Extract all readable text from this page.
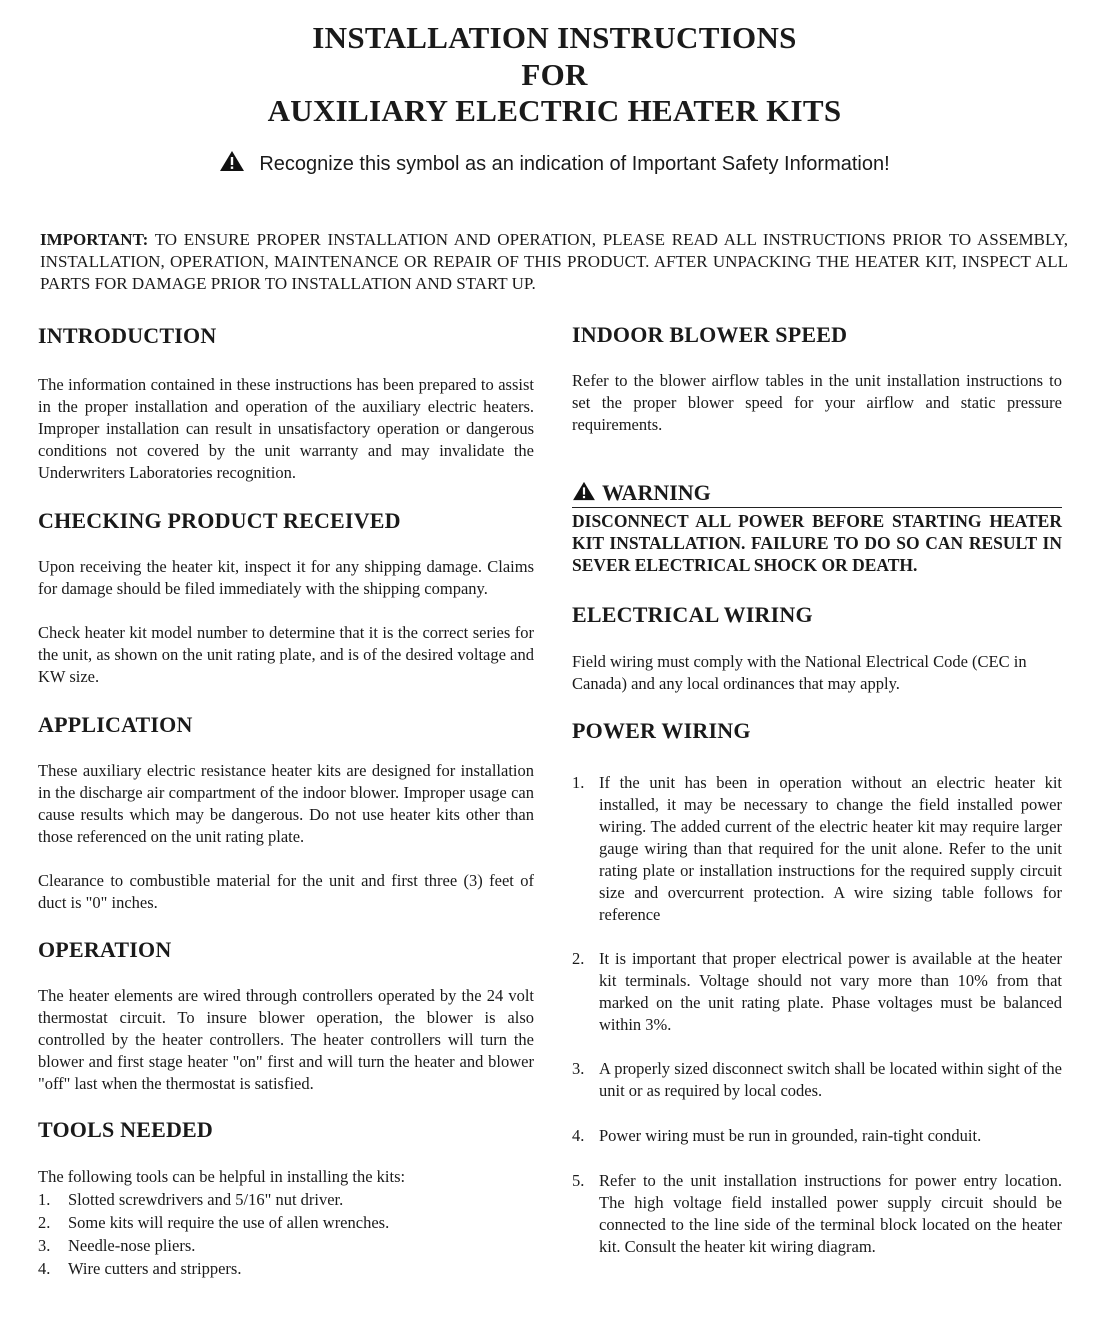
INSTALLATION INSTRUCTIONS
FOR
AUXILIARY ELECTRIC HEATER KITS
Recognize this symbol as an indication of Important Safety Information!
IMPORTANT: TO ENSURE PROPER INSTALLATION AND OPERATION, PLEASE READ ALL INSTRUCTIONS PRIOR TO ASSEMBLY, INSTALLATION, OPERATION, MAINTENANCE OR REPAIR OF THIS PRODUCT. AFTER UNPACKING THE HEATER KIT, INSPECT ALL PARTS FOR DAMAGE PRIOR TO INSTALLATION AND START UP.
INTRODUCTION

The information contained in these instructions has been prepared to assist in the proper installation and operation of the auxiliary electric heaters. Improper installation can result in unsatisfactory operation or dangerous conditions not covered by the unit warranty and may invalidate the Underwriters Laboratories recognition.

CHECKING PRODUCT RECEIVED

Upon receiving the heater kit, inspect it for any shipping damage. Claims for damage should be filed immediately with the shipping company.

Check heater kit model number to determine that it is the correct series for the unit, as shown on the unit rating plate, and is of the desired voltage and KW size.

APPLICATION

These auxiliary electric resistance heater kits are designed for installation in the discharge air compartment of the indoor blower. Improper usage can cause results which may be dangerous. Do not use heater kits other than those referenced on the unit rating plate.

Clearance to combustible material for the unit and first three (3) feet of duct is "0" inches.

OPERATION

The heater elements are wired through controllers operated by the 24 volt thermostat circuit. To insure blower operation, the blower is also controlled by the heater controllers. The heater controllers will turn the blower and first stage heater "on" first and will turn the heater and blower "off" last when the thermostat is satisfied.

TOOLS NEEDED

The following tools can be helpful in installing the kits:

1. Slotted screwdrivers and 5/16" nut driver.
2. Some kits will require the use of allen wrenches.
3. Needle-nose pliers.
4. Wire cutters and strippers.
INDOOR BLOWER SPEED

Refer to the blower airflow tables in the unit installation instructions to set the proper blower speed for your airflow and static pressure requirements.

WARNING
DISCONNECT ALL POWER BEFORE STARTING HEATER KIT INSTALLATION. FAILURE TO DO SO CAN RESULT IN SEVER ELECTRICAL SHOCK OR DEATH.
ELECTRICAL WIRING

Field wiring must comply with the National Electrical Code (CEC in Canada) and any local ordinances that may apply.

POWER WIRING
1. If the unit has been in operation without an electric heater kit installed, it may be necessary to change the field installed power wiring. The added current of the electric heater kit may require larger gauge wiring than that required for the unit alone. Refer to the unit rating plate or installation instructions for the required supply circuit size and overcurrent protection. A wire sizing table follows for reference
2. It is important that proper electrical power is available at the heater kit terminals. Voltage should not vary more than 10% from that marked on the unit rating plate. Phase voltages must be balanced within 3%.
3. A properly sized disconnect switch shall be located within sight of the unit or as required by local codes.
4. Power wiring must be run in grounded, rain-tight conduit.
5. Refer to the unit installation instructions for power entry location. The high voltage field installed power supply circuit should be connected to the line side of the terminal block located on the heater kit. Consult the heater kit wiring diagram.
